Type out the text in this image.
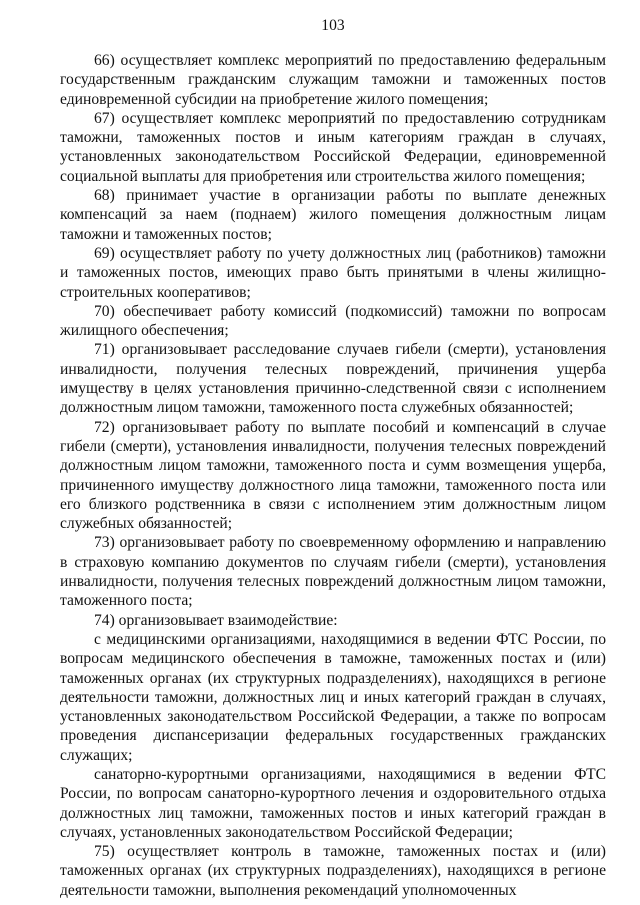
103

66) осуществляет комплекс мероприятий по предоставлению федеральным государственным гражданским служащим таможни и таможенных постов единовременной субсидии на приобретение жилого помещения;

67) осуществляет комплекс мероприятий по предоставлению сотрудникам таможни, таможенных постов и иным категориям граждан в случаях, установленных законодательством Российской Федерации, единовременной социальной выплаты для приобретения или строительства жилого помещения;

68) принимает участие в организации работы по выплате денежных компенсаций за наем (поднаем) жилого помещения должностным лицам таможни и таможенных постов;

69) осуществляет работу по учету должностных лиц (работников) таможни и таможенных постов, имеющих право быть принятыми в члены жилищно-строительных кооперативов;

70) обеспечивает работу комиссий (подкомиссий) таможни по вопросам жилищного обеспечения;

71) организовывает расследование случаев гибели (смерти), установления инвалидности, получения телесных повреждений, причинения ущерба имуществу в целях установления причинно-следственной связи с исполнением должностным лицом таможни, таможенного поста служебных обязанностей;

72) организовывает работу по выплате пособий и компенсаций в случае гибели (смерти), установления инвалидности, получения телесных повреждений должностным лицом таможни, таможенного поста и сумм возмещения ущерба, причиненного имуществу должностного лица таможни, таможенного поста или его близкого родственника в связи с исполнением этим должностным лицом служебных обязанностей;

73) организовывает работу по своевременному оформлению и направлению в страховую компанию документов по случаям гибели (смерти), установления инвалидности, получения телесных повреждений должностным лицом таможни, таможенного поста;

74) организовывает взаимодействие:

с медицинскими организациями, находящимися в ведении ФТС России, по вопросам медицинского обеспечения в таможне, таможенных постах и (или) таможенных органах (их структурных подразделениях), находящихся в регионе деятельности таможни, должностных лиц и иных категорий граждан в случаях, установленных законодательством Российской Федерации, а также по вопросам проведения диспансеризации федеральных государственных гражданских служащих;

санаторно-курортными организациями, находящимися в ведении ФТС России, по вопросам санаторно-курортного лечения и оздоровительного отдыха должностных лиц таможни, таможенных постов и иных категорий граждан в случаях, установленных законодательством Российской Федерации;

75) осуществляет контроль в таможне, таможенных постах и (или) таможенных органах (их структурных подразделениях), находящихся в регионе деятельности таможни, выполнения рекомендаций уполномоченных
